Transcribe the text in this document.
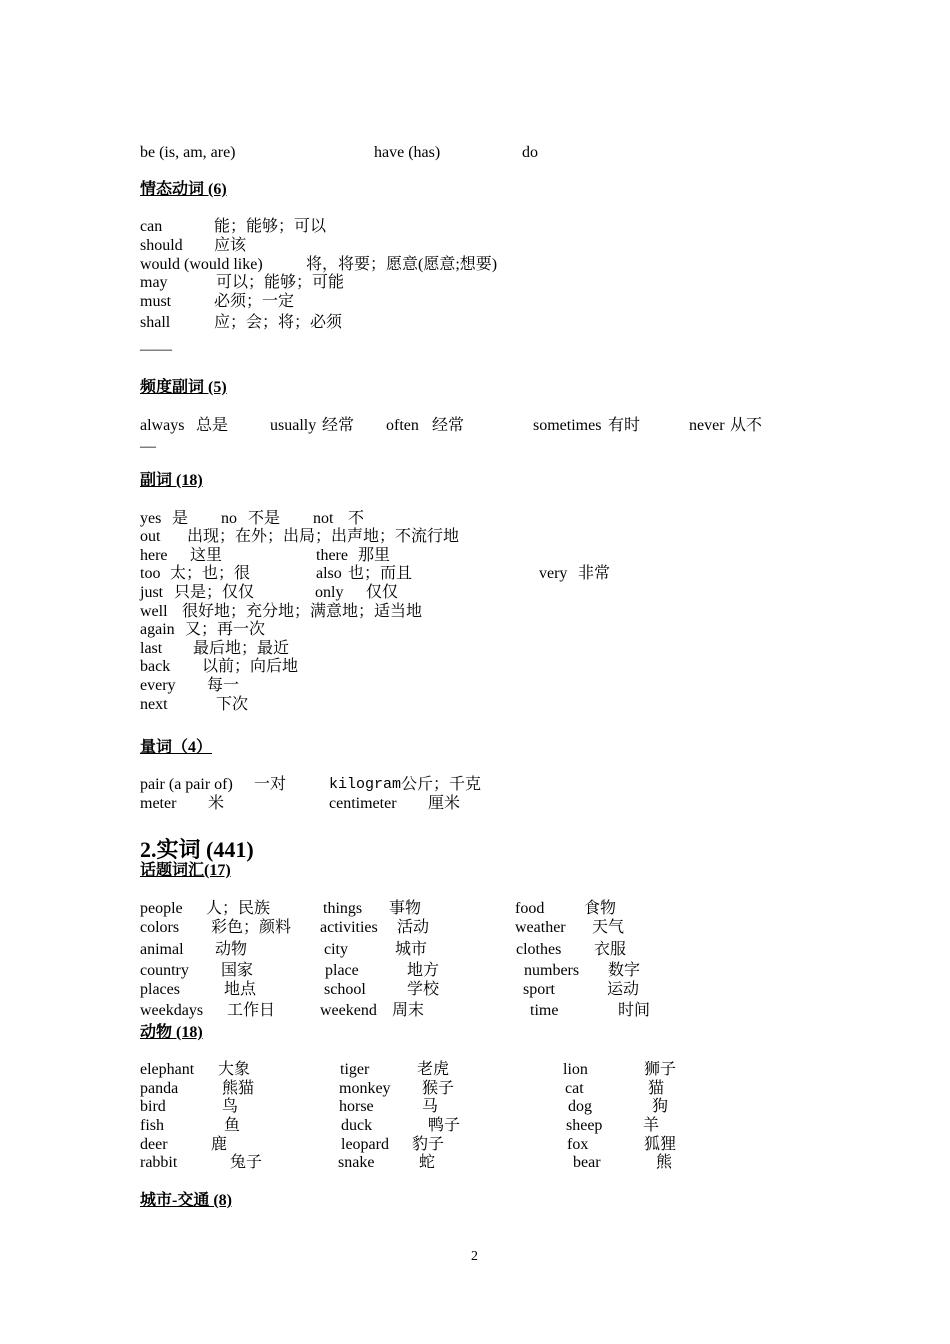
be (is, am, are)	have (has)	do
情态动词 (6)
can	能；能够；可以
should 应该
would (would like)	将，将要；愿意(愿意;想要)
may	可以；能够；可能
must	必须；一定
shall	应；会；将；必须
——
频度副词 (5)
always 总是	usually 经常 often 经常	sometimes 有时	never 从不
—
副词 (18)
yes 是 no 不是 not 不
out 出现；在外；出局；出声地；不流行地
here 这里	there 那里
too 太；也；很	also 也；而且	very 非常
just 只是；仅仅	only 仅仅
well 很好地；充分地；满意地；适当地
again 又；再一次
last 最后地；最近
back 以前；向后地
every 每一
next	下次
量词（4）
pair (a pair of) 一对	kilogram 公斤；千克
meter 米	centimeter 厘米
2.实词 (441)
话题词汇(17)
people 人；民族	things 事物	food 食物
colors 彩色；颜料 activities 活动	weather 天气
animal 动物	city	城市	clothes 衣服
country 国家	place	地方	numbers 数字
places	地点	school	学校	sport	运动
weekdays 工作日	weekend 周末	time	时间
动物 (18)
elephant 大象	tiger	老虎	lion	狮子
panda	熊猫	monkey 猴子	cat	猫
bird	鸟	horse	马	dog	狗
fish	鱼	duck	鸭子	sheep	羊
deer	鹿	leopard 豹子	fox	狐狸
rabbit	兔子	snake	蛇	bear	熊
城市-交通 (8)
2
